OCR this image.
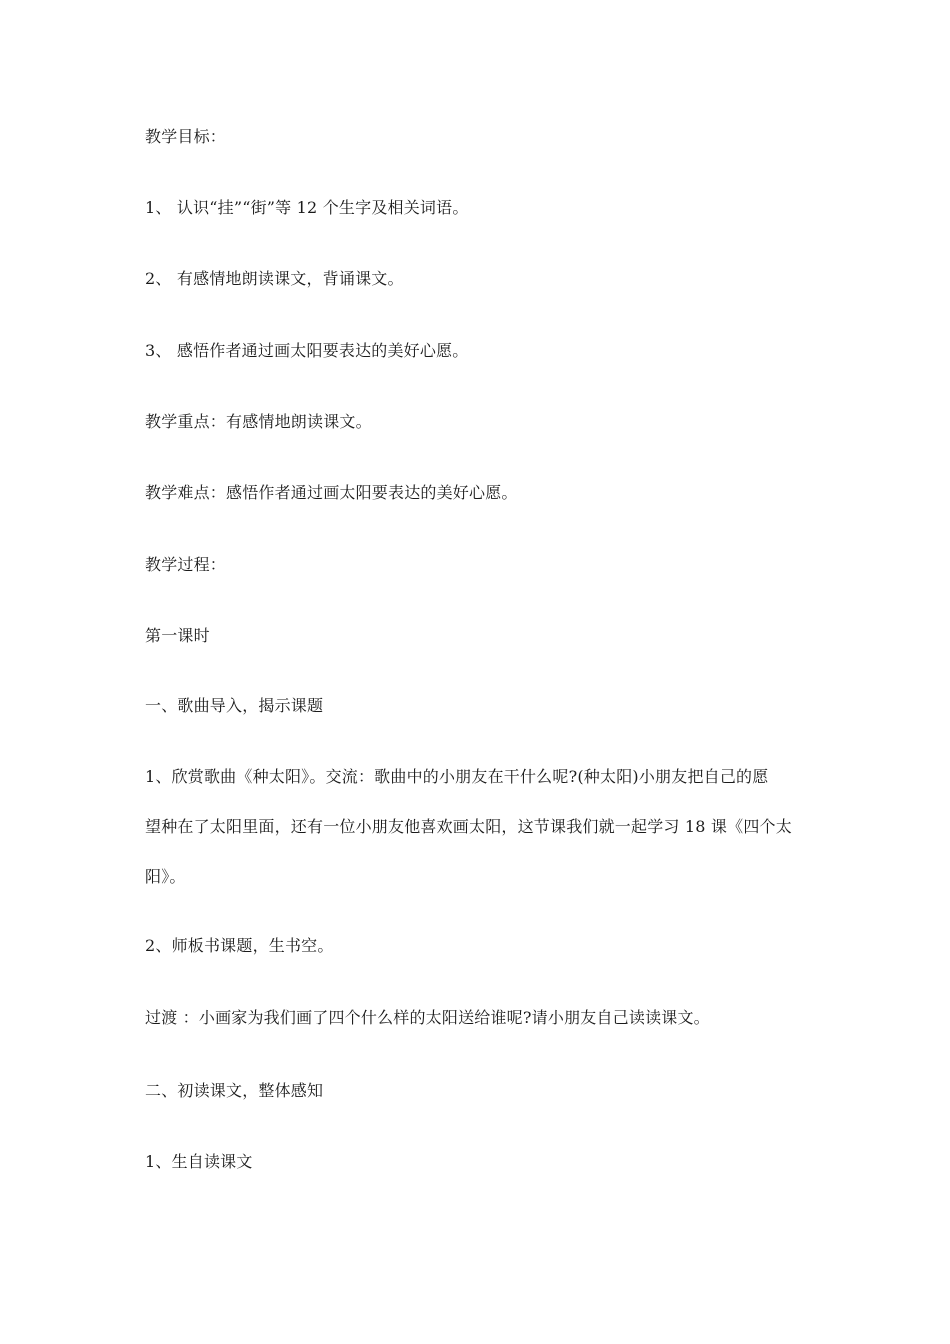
教学目标：

1、 认识“挂”“街”等 12 个生字及相关词语。

2、 有感情地朗读课文，背诵课文。

3、 感悟作者通过画太阳要表达的美好心愿。

教学重点：有感情地朗读课文。

教学难点：感悟作者通过画太阳要表达的美好心愿。

教学过程：

第一课时

一、歌曲导入，揭示课题

1、欣赏歌曲《种太阳》。交流：歌曲中的小朋友在干什么呢?(种太阳)小朋友把自己的愿

望种在了太阳里面，还有一位小朋友他喜欢画太阳，这节课我们就一起学习 18 课《四个太

阳》。

2、师板书课题，生书空。

过渡 ：小画家为我们画了四个什么样的太阳送给谁呢?请小朋友自己读读课文。

二、初读课文，整体感知

1、生自读课文
